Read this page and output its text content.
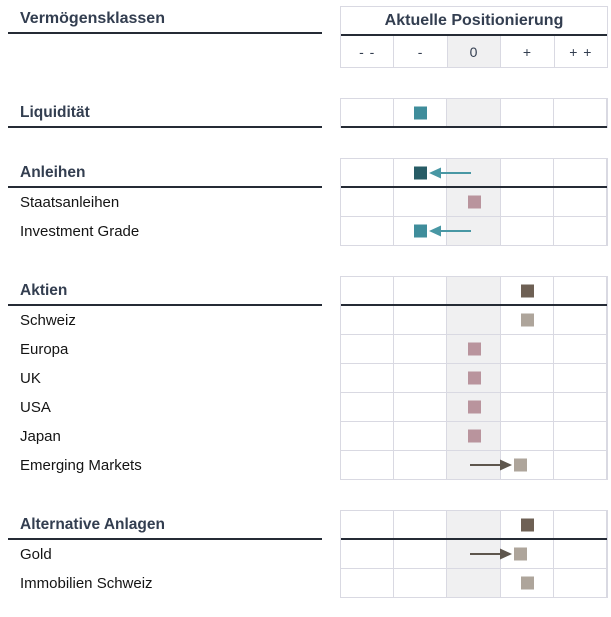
Vermögensklassen	Aktuelle Positionierung
- -	-	0	+	+ +
Liquidität
Anleihen
Staatsanleihen
Investment Grade
Aktien
Schweiz
Europa
UK
USA
Japan
Emerging Markets
Alternative Anlagen
Gold
Immobilien Schweiz
